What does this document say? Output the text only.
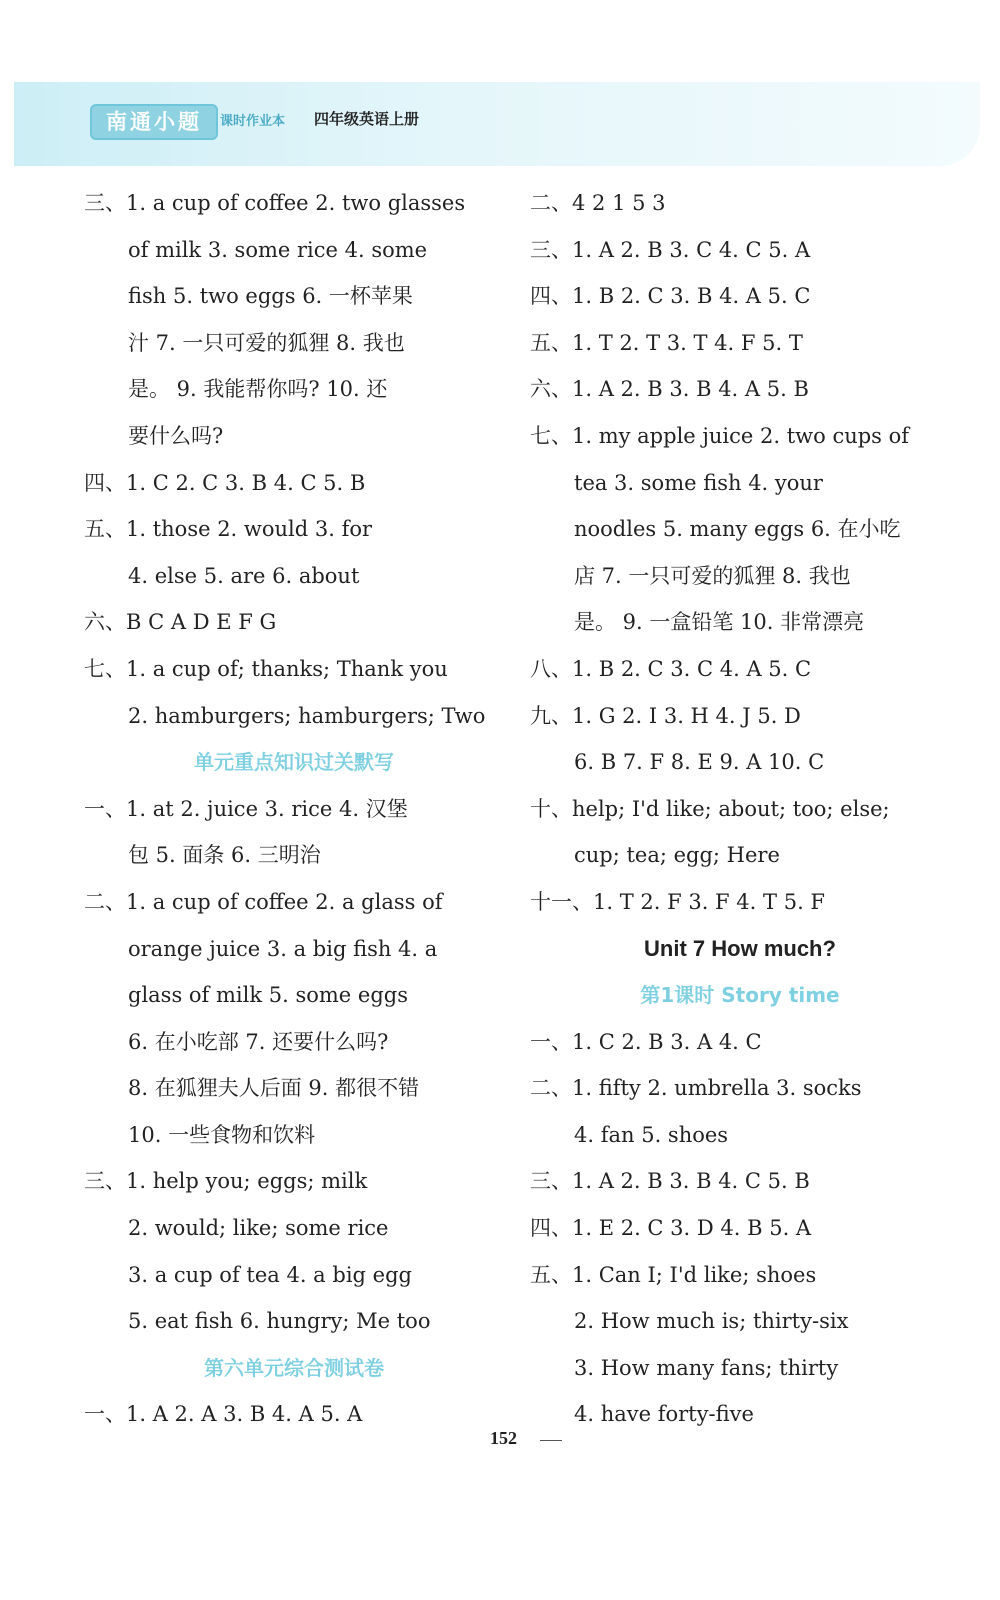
南通小题	课时作业本 四年级英语上册
三、1. a cup of coffee 2. two glasses
of milk 3. some rice 4. some
fish 5. two eggs 6. 一杯苹果
汁 7. 一只可爱的狐狸 8. 我也
是。 9. 我能帮你吗? 10. 还
要什么吗?
四、1. C 2. C 3. B 4. C 5. B
五、1. those 2. would 3. for
4. else 5. are 6. about
六、B C A D E F G
七、1. a cup of; thanks; Thank you
2. hamburgers; hamburgers; Two
单元重点知识过关默写
一、1. at 2. juice 3. rice 4. 汉堡
包 5. 面条 6. 三明治
二、1. a cup of coffee 2. a glass of
orange juice 3. a big fish 4. a
glass of milk 5. some eggs
6. 在小吃部 7. 还要什么吗?
8. 在狐狸夫人后面 9. 都很不错
10. 一些食物和饮料
三、1. help you; eggs; milk
2. would; like; some rice
3. a cup of tea 4. a big egg
5. eat fish 6. hungry; Me too
第六单元综合测试卷
一、1. A 2. A 3. B 4. A 5. A
二、4 2 1 5 3
三、1. A 2. B 3. C 4. C 5. A
四、1. B 2. C 3. B 4. A 5. C
五、1. T 2. T 3. T 4. F 5. T
六、1. A 2. B 3. B 4. A 5. B
七、1. my apple juice 2. two cups of
tea 3. some fish 4. your
noodles 5. many eggs 6. 在小吃
店 7. 一只可爱的狐狸 8. 我也
是。 9. 一盒铅笔 10. 非常漂亮
八、1. B 2. C 3. C 4. A 5. C
九、1. G 2. I 3. H 4. J 5. D
6. B 7. F 8. E 9. A 10. C
十、help; I'd like; about; too; else;
cup; tea; egg; Here
十一、1. T 2. F 3. F 4. T 5. F
Unit 7 How much?
第1课时 Story time
一、1. C 2. B 3. A 4. C
二、1. fifty 2. umbrella 3. socks
4. fan 5. shoes
三、1. A 2. B 3. B 4. C 5. B
四、1. E 2. C 3. D 4. B 5. A
五、1. Can I; I'd like; shoes
2. How much is; thirty-six
3. How many fans; thirty
4. have forty-five
152
